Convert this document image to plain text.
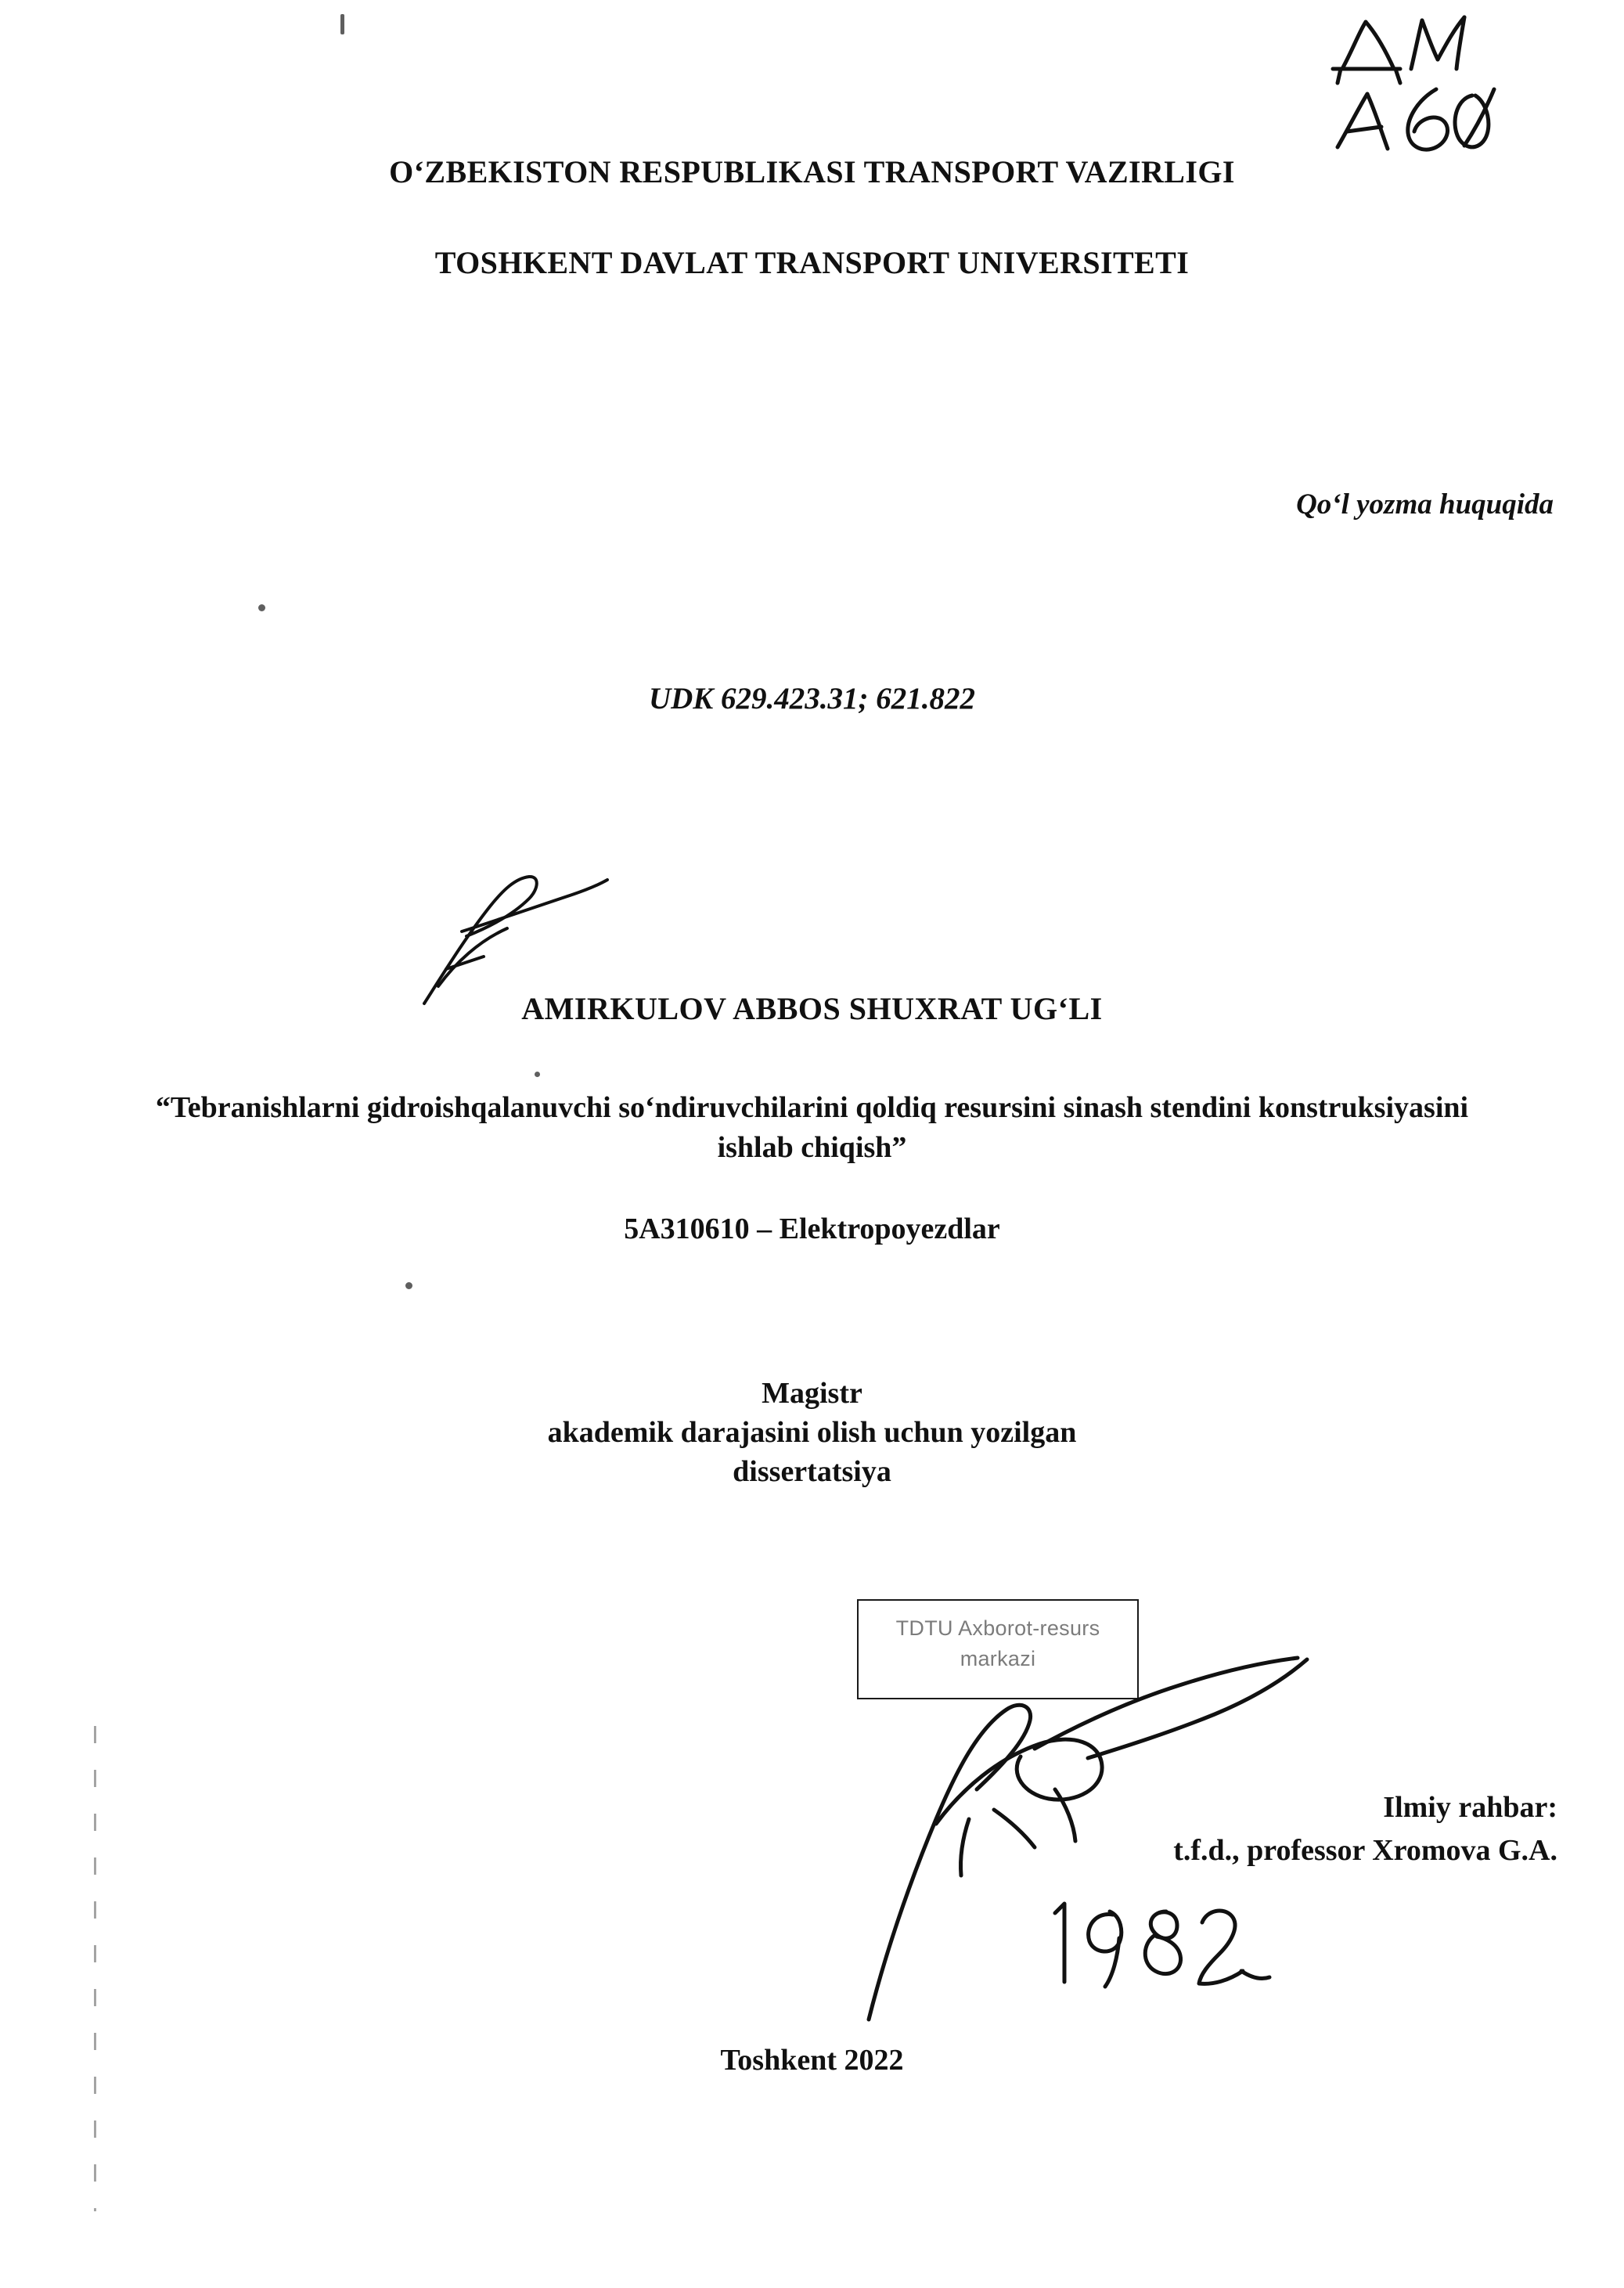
O‘ZBEKISTON RESPUBLIKASI TRANSPORT VAZIRLIGI
TOSHKENT DAVLAT TRANSPORT UNIVERSITETI
Qo‘l yozma huquqida
UDK 629.423.31; 621.822
AMIRKULOV ABBOS SHUXRAT UG‘LI
“Tebranishlarni gidroishqalanuvchi so‘ndiruvchilarini qoldiq resursini sinash stendini konstruksiyasini ishlab chiqish”
5A310610 – Elektropoyezdlar
Magistr
akademik darajasini olish uchun yozilgan
dissertatsiya
TDTU Axborot-resurs
markazi
Ilmiy rahbar:
t.f.d., professor Xromova G.A.
Toshkent 2022
